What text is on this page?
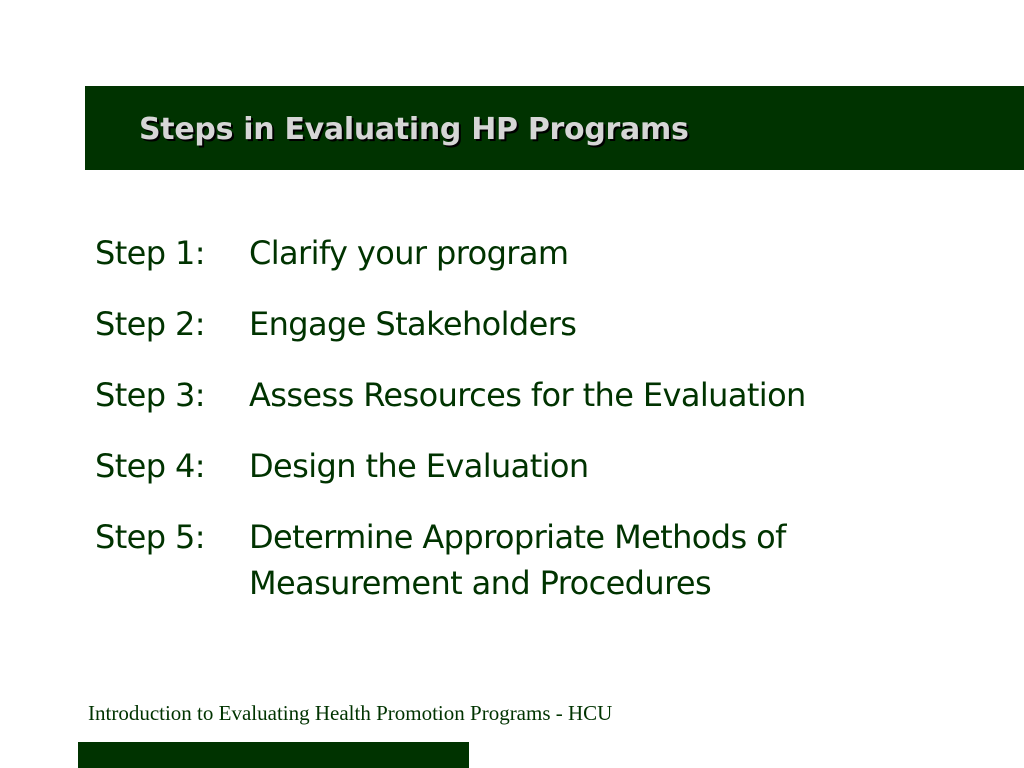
Steps in Evaluating HP Programs
Step 1:	Clarify your program
Step 2:	Engage Stakeholders
Step 3:	Assess Resources for the Evaluation
Step 4:	Design the Evaluation
Step 5:	Determine Appropriate Methods of Measurement and Procedures
Introduction to Evaluating Health Promotion Programs - HCU
